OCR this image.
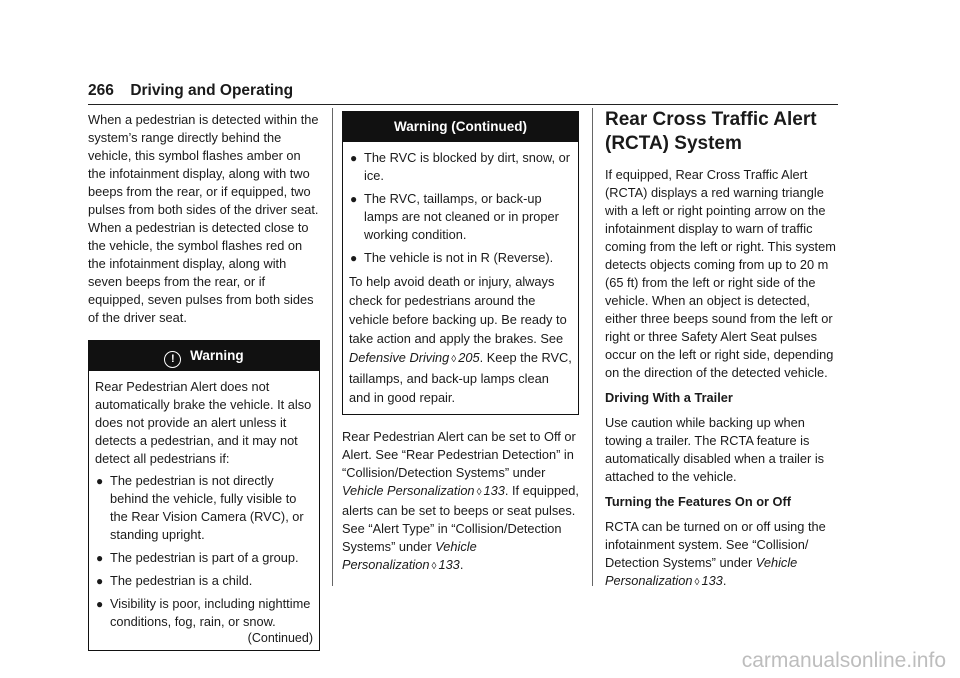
266 Driving and Operating

When a pedestrian is detected within the system’s range directly behind the vehicle, this symbol flashes amber on the infotainment display, along with two beeps from the rear, or if equipped, two pulses from both sides of the driver seat. When a pedestrian is detected close to the vehicle, the symbol flashes red on the infotainment display, along with seven beeps from the rear, or if equipped, seven pulses from both sides of the driver seat.

! Warning

Rear Pedestrian Alert does not automatically brake the vehicle. It also does not provide an alert unless it detects a pedestrian, and it may not detect all pedestrians if:

● The pedestrian is not directly behind the vehicle, fully visible to the Rear Vision Camera (RVC), or standing upright.
● The pedestrian is part of a group.
● The pedestrian is a child.
● Visibility is poor, including nighttime conditions, fog, rain, or snow.
(Continued)
Warning (Continued)
● The RVC is blocked by dirt, snow, or ice.
● The RVC, taillamps, or back-up lamps are not cleaned or in proper working condition.
● The vehicle is not in R (Reverse).

To help avoid death or injury, always check for pedestrians around the vehicle before backing up. Be ready to take action and apply the brakes. See Defensive Driving ◊ 205. Keep the RVC, taillamps, and back-up lamps clean and in good repair.

Rear Pedestrian Alert can be set to Off or Alert. See “Rear Pedestrian Detection” in “Collision/Detection Systems” under Vehicle Personalization ◊ 133. If equipped, alerts can be set to beeps or seat pulses. See “Alert Type” in “Collision/Detection Systems” under Vehicle Personalization ◊ 133.

Rear Cross Traffic Alert (RCTA) System

If equipped, Rear Cross Traffic Alert (RCTA) displays a red warning triangle with a left or right pointing arrow on the infotainment display to warn of traffic coming from the left or right. This system detects objects coming from up to 20 m (65 ft) from the left or right side of the vehicle. When an object is detected, either three beeps sound from the left or right or three Safety Alert Seat pulses occur on the left or right side, depending on the direction of the detected vehicle.

Driving With a Trailer

Use caution while backing up when towing a trailer. The RCTA feature is automatically disabled when a trailer is attached to the vehicle.

Turning the Features On or Off

RCTA can be turned on or off using the infotainment system. See “Collision/ Detection Systems” under Vehicle Personalization ◊ 133.

carmanualsonline.info
